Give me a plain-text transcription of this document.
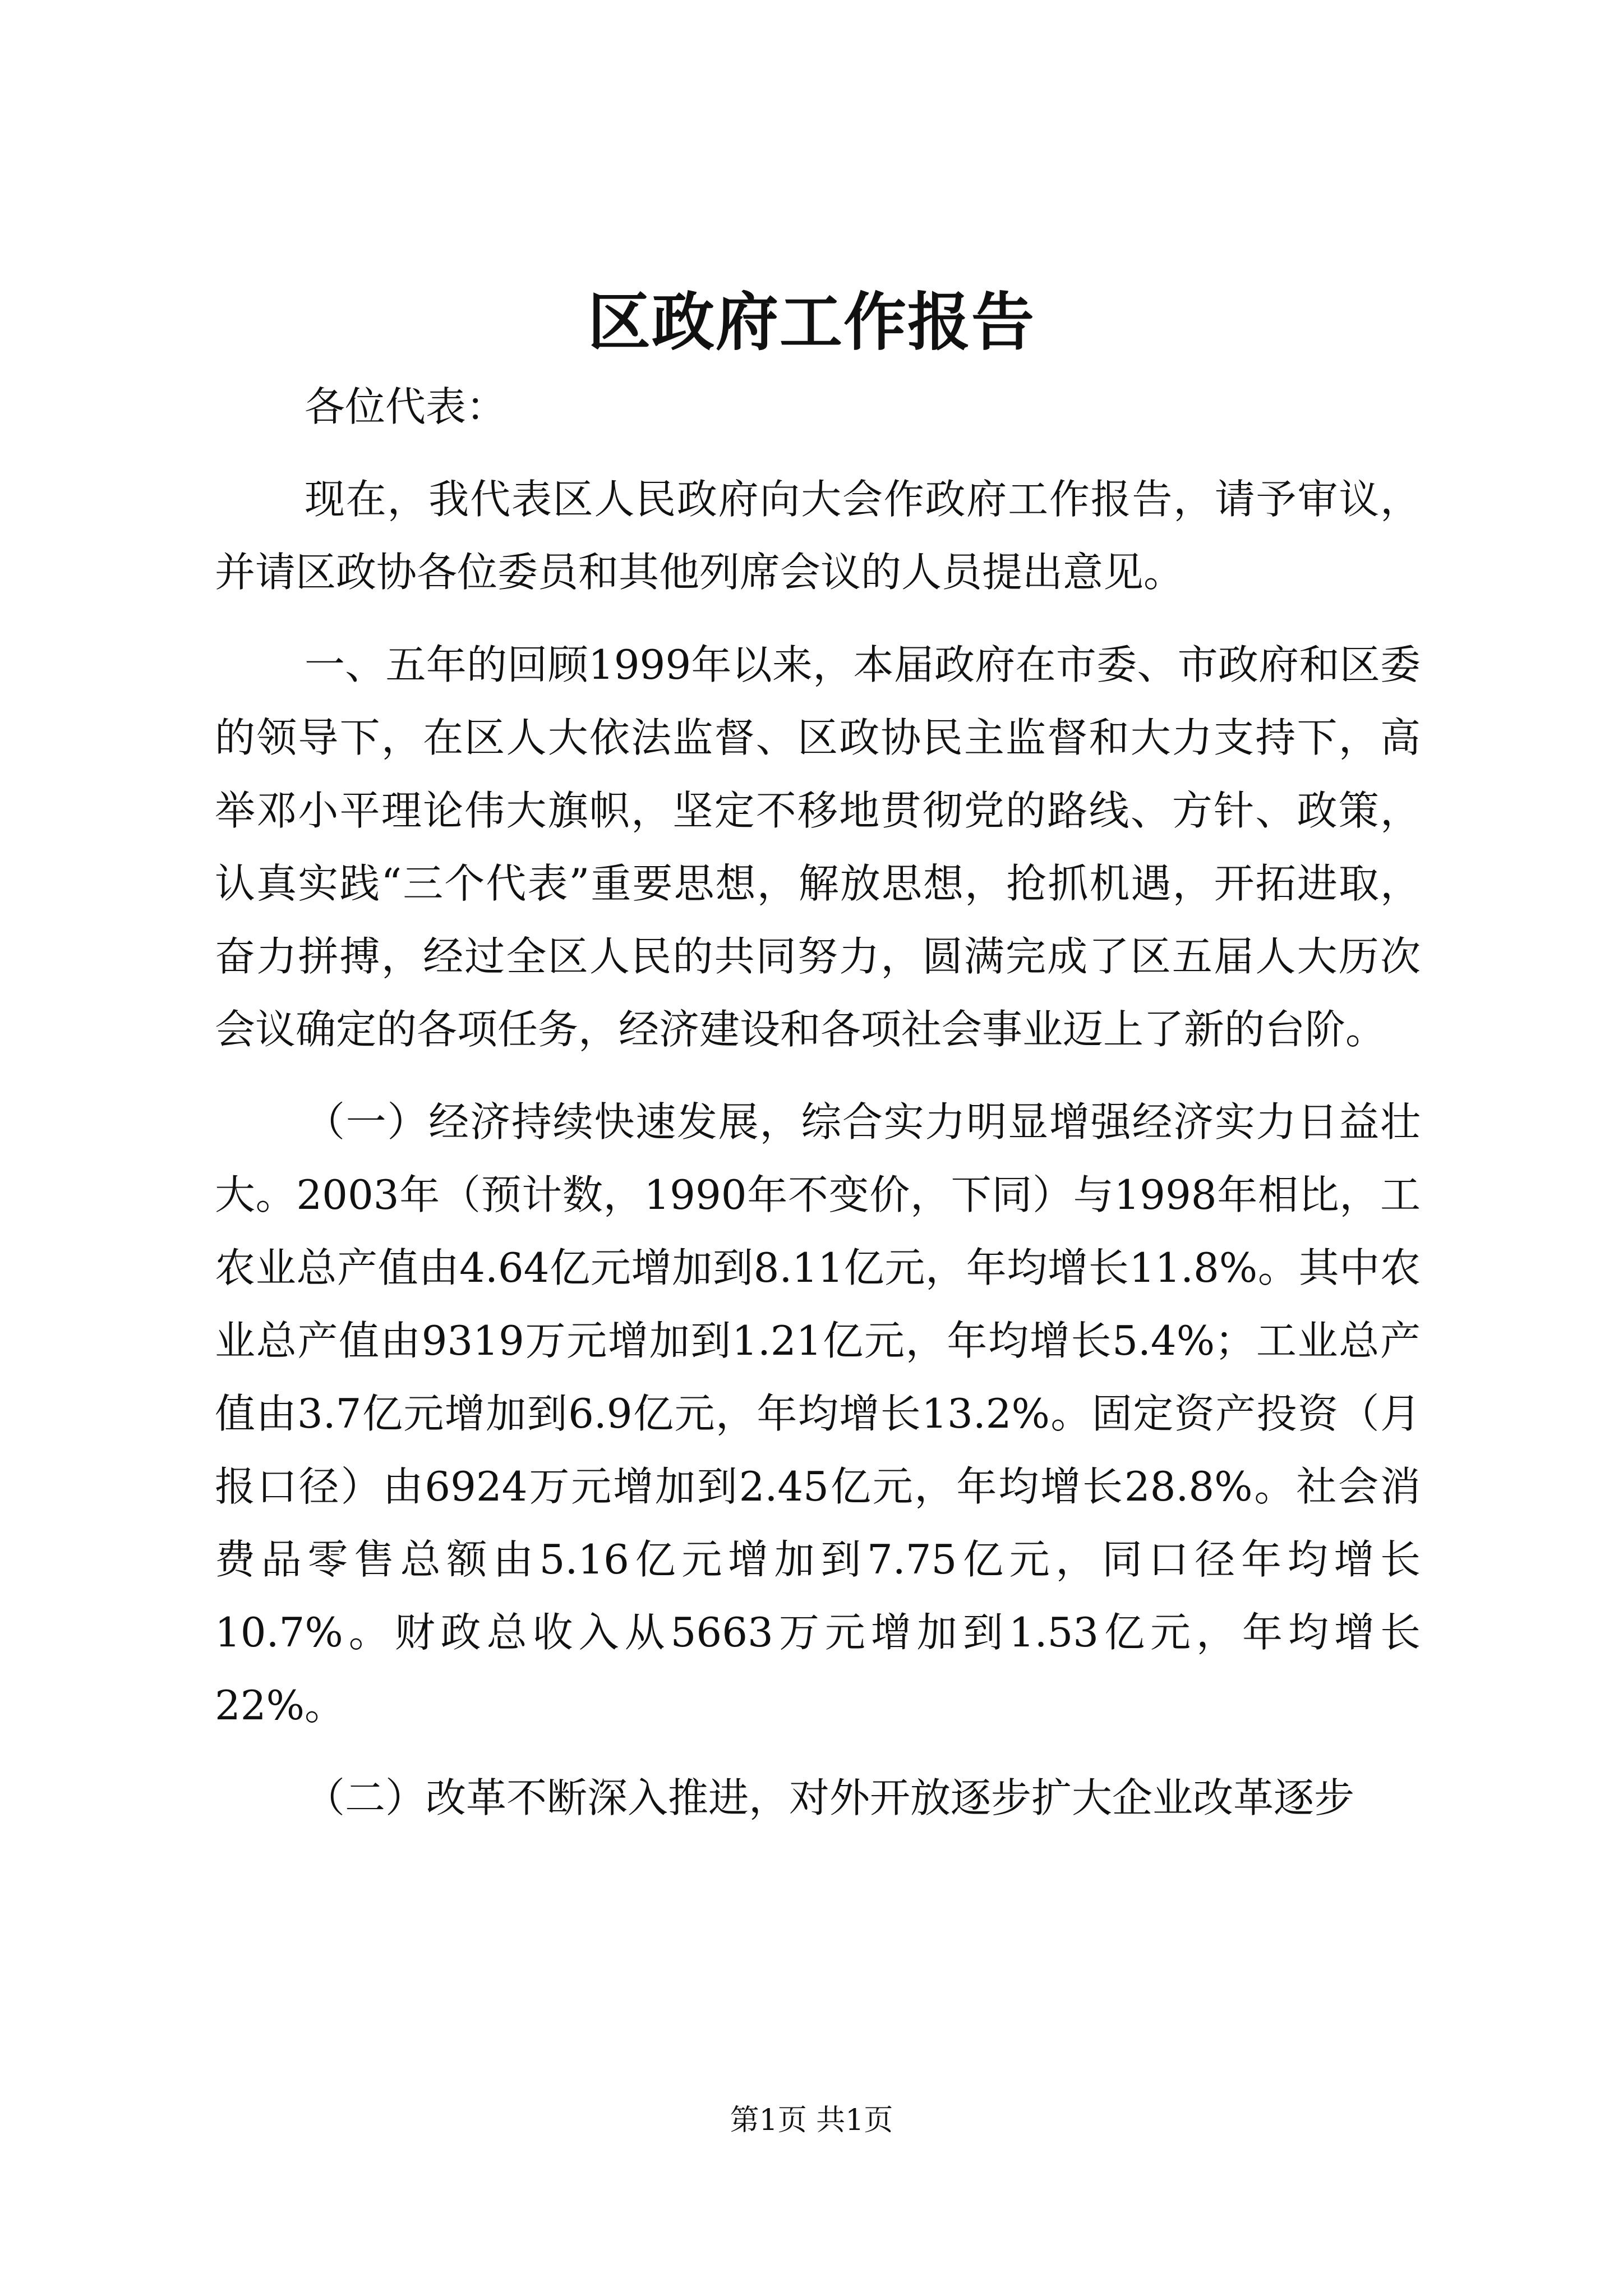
区政府工作报告

各位代表：

现在，我代表区人民政府向大会作政府工作报告，请予审议，并请区政协各位委员和其他列席会议的人员提出意见。

一、五年的回顾1999年以来，本届政府在市委、市政府和区委的领导下，在区人大依法监督、区政协民主监督和大力支持下，高举邓小平理论伟大旗帜，坚定不移地贯彻党的路线、方针、政策，认真实践“三个代表”重要思想，解放思想，抢抓机遇，开拓进取，奋力拼搏，经过全区人民的共同努力，圆满完成了区五届人大历次会议确定的各项任务，经济建设和各项社会事业迈上了新的台阶。

（一）经济持续快速发展，综合实力明显增强经济实力日益壮大。2003年（预计数，1990年不变价，下同）与1998年相比，工农业总产值由4.64亿元增加到8.11亿元，年均增长11.8%。其中农业总产值由9319万元增加到1.21亿元，年均增长5.4%；工业总产值由3.7亿元增加到6.9亿元，年均增长13.2%。固定资产投资（月报口径）由6924万元增加到2.45亿元，年均增长28.8%。社会消费品零售总额由5.16亿元增加到7.75亿元，同口径年均增长10.7%。财政总收入从5663万元增加到1.53亿元，年均增长22%。

（二）改革不断深入推进，对外开放逐步扩大企业改革逐步

第1页 共1页
